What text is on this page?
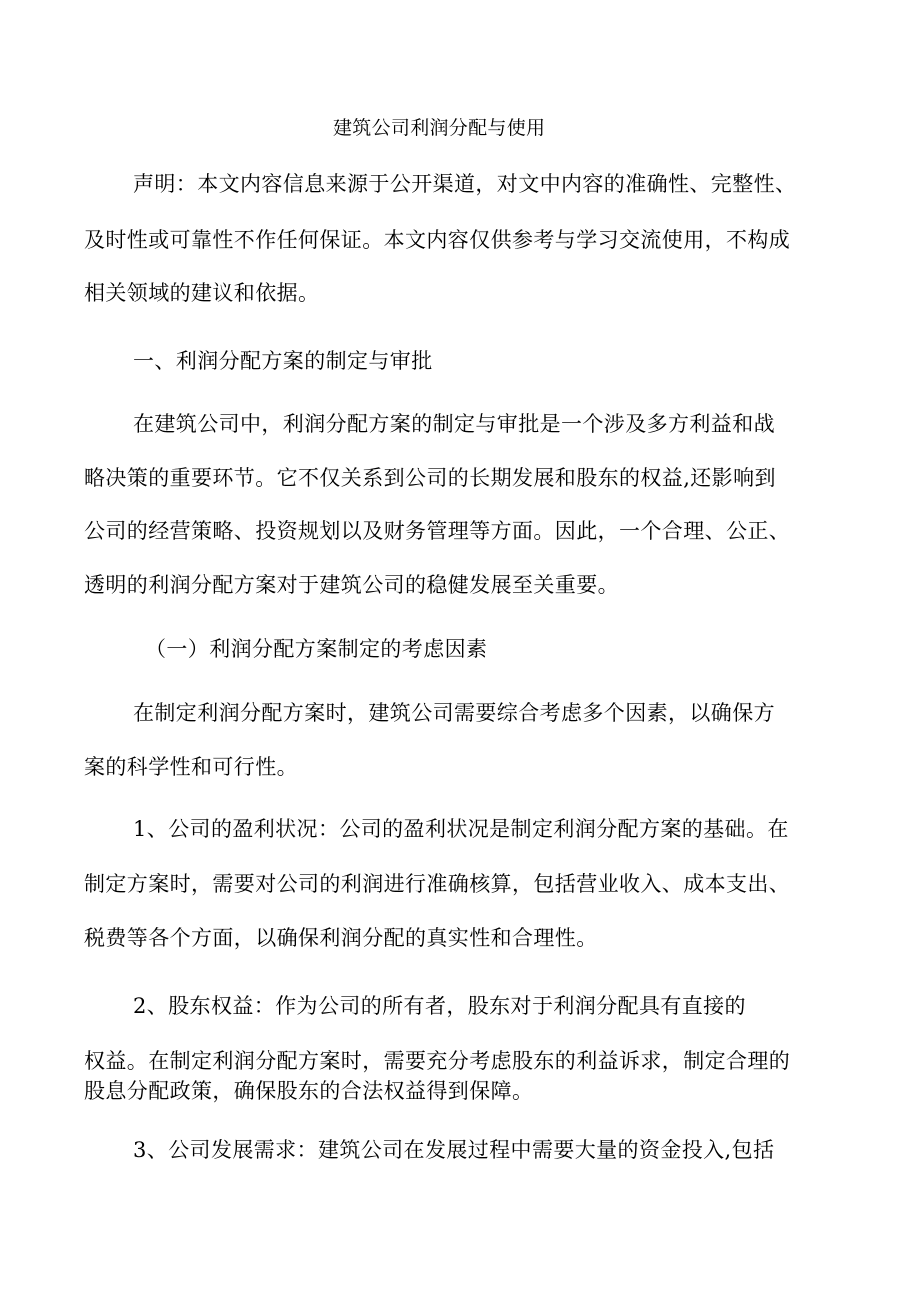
建筑公司利润分配与使用
声明：本文内容信息来源于公开渠道，对文中内容的准确性、完整性、
及时性或可靠性不作任何保证。本文内容仅供参考与学习交流使用，不构成
相关领域的建议和依据。
一、利润分配方案的制定与审批
在建筑公司中，利润分配方案的制定与审批是一个涉及多方利益和战
略决策的重要环节。它不仅关系到公司的长期发展和股东的权益,还影响到
公司的经营策略、投资规划以及财务管理等方面。因此，一个合理、公正、
透明的利润分配方案对于建筑公司的稳健发展至关重要。
（一）利润分配方案制定的考虑因素
在制定利润分配方案时，建筑公司需要综合考虑多个因素，以确保方
案的科学性和可行性。
1、公司的盈利状况：公司的盈利状况是制定利润分配方案的基础。在
制定方案时，需要对公司的利润进行准确核算，包括营业收入、成本支出、
税费等各个方面，以确保利润分配的真实性和合理性。
2、股东权益：作为公司的所有者，股东对于利润分配具有直接的
权益。在制定利润分配方案时，需要充分考虑股东的利益诉求，制定合理的
股息分配政策，确保股东的合法权益得到保障。
3、公司发展需求：建筑公司在发展过程中需要大量的资金投入,包括
